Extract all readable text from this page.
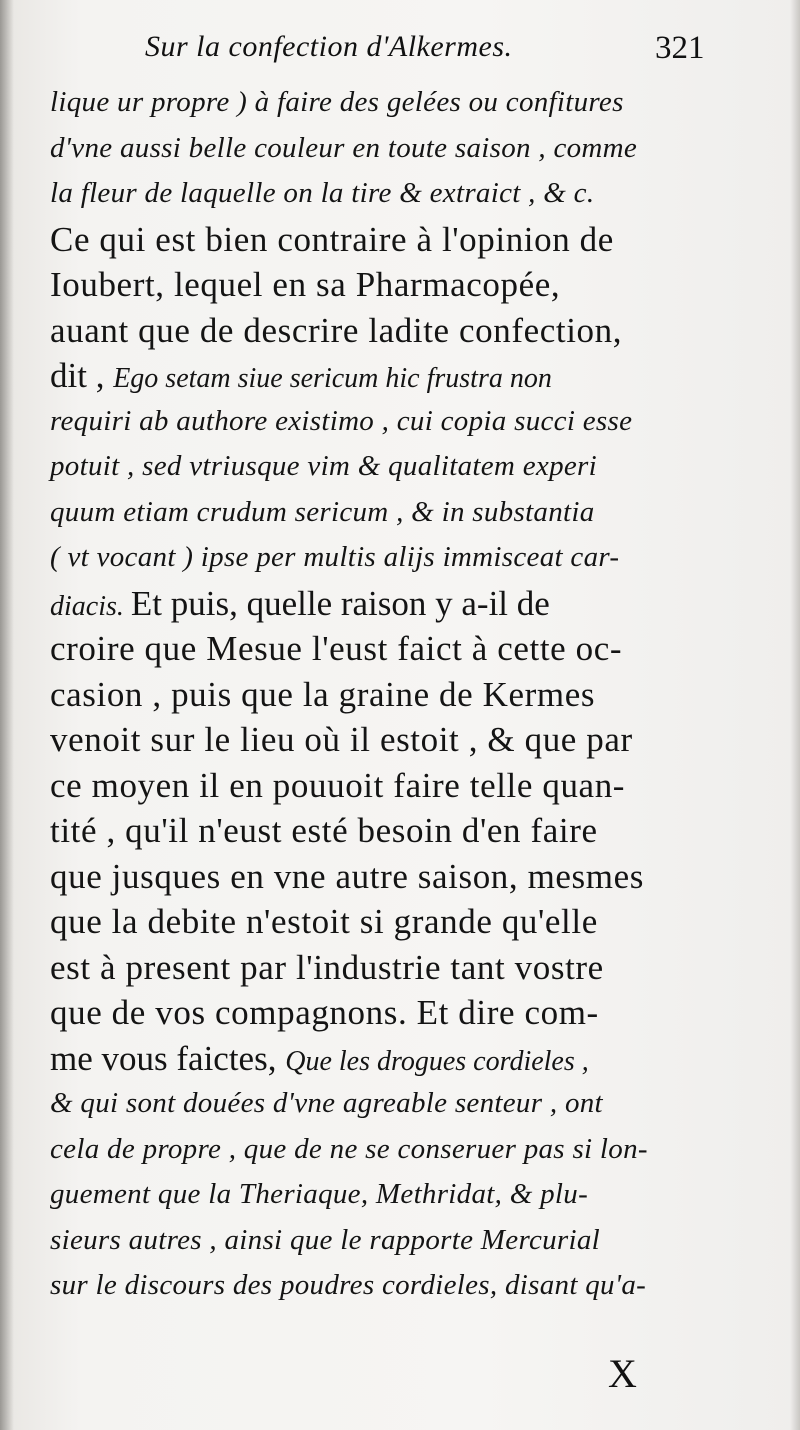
Sur la confection d'Alkermes.	321
lique ur propre ) à faire des gelées ou confitures
d'vne aussi belle couleur en toute saison , comme
la fleur de laquelle on la tire & extraict , & c.
Ce qui est bien contraire à l'opinion de
Ioubert, lequel en sa Pharmacopée,
auant que de descrire ladite confection,
dit , Ego setam siue sericum hic frustra non
requiri ab authore existimo , cui copia succi esse
potuit , sed vtriusque vim & qualitatem experi
quum etiam crudum sericum , & in substantia
( vt vocant ) ipse per multis alijs immisceat car-
diacis. Et puis, quelle raison y a-il de
croire que Mesue l'eust faict à cette oc-
casion , puis que la graine de Kermes
venoit sur le lieu où il estoit , & que par
ce moyen il en pouuoit faire telle quan-
tité , qu'il n'eust esté besoin d'en faire
que jusques en vne autre saison, mesmes
que la debite n'estoit si grande qu'elle
est à present par l'industrie tant vostre
que de vos compagnons. Et dire com-
me vous faictes, Que les drogues cordieles ,
& qui sont douées d'vne agreable senteur , ont
cela de propre , que de ne se conseruer pas si lon-
guement que la Theriaque, Methridat, & plu-
sieurs autres , ainsi que le rapporte Mercurial
sur le discours des poudres cordieles, disant qu'a-
X
